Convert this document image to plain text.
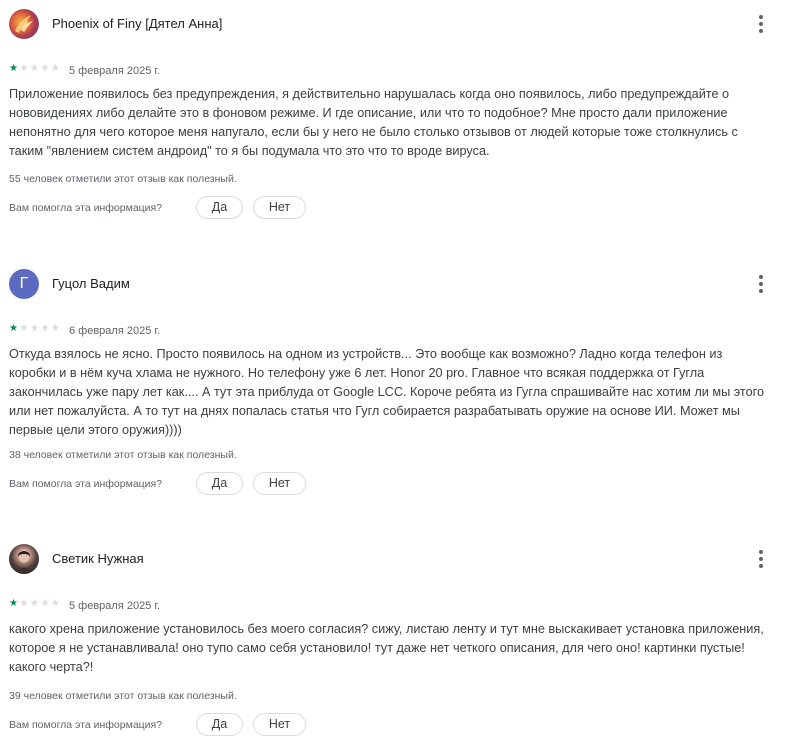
Phoenix of Finy [Дятел Анна]
★ ★ ★ ★ ★ 5 февраля 2025 г.
Приложение появилось без предупреждения, я действительно нарушалась когда оно появилось, либо предупреждайте о нововидениях либо делайте это в фоновом режиме. И где описание, или что то подобное? Мне просто дали приложение непонятно для чего которое меня напугало, если бы у него не было столько отзывов от людей которые тоже столкнулись с таким "явлением систем андроид" то я бы подумала что это что то вроде вируса.
55 человек отметили этот отзыв как полезный.
Вам помогла эта информация?	Да	Нет
Г	Гуцол Вадим
★ ★ ★ ★ ★ 6 февраля 2025 г.
Откуда взялось не ясно. Просто появилось на одном из устройств... Это вообще как возможно? Ладно когда телефон из коробки и в нём куча хлама не нужного. Но телефону уже 6 лет. Honor 20 pro. Главное что всякая поддержка от Гугла закончилась уже пару лет как.... А тут эта приблуда от Google LCC. Короче ребята из Гугла спрашивайте нас хотим ли мы этого или нет пожалуйста. А то тут на днях попалась статья что Гугл собирается разрабатывать оружие на основе ИИ. Может мы первые цели этого оружия))))
38 человек отметили этот отзыв как полезный.
Вам помогла эта информация?	Да	Нет
Светик Нужная
★ ★ ★ ★ ★ 5 февраля 2025 г.
какого хрена приложение установилось без моего согласия? сижу, листаю ленту и тут мне выскакивает установка приложения, которое я не устанавливала! оно тупо само себя установило! тут даже нет четкого описания, для чего оно! картинки пустые! какого черта?!
39 человек отметили этот отзыв как полезный.
Вам помогла эта информация?	Да	Нет
